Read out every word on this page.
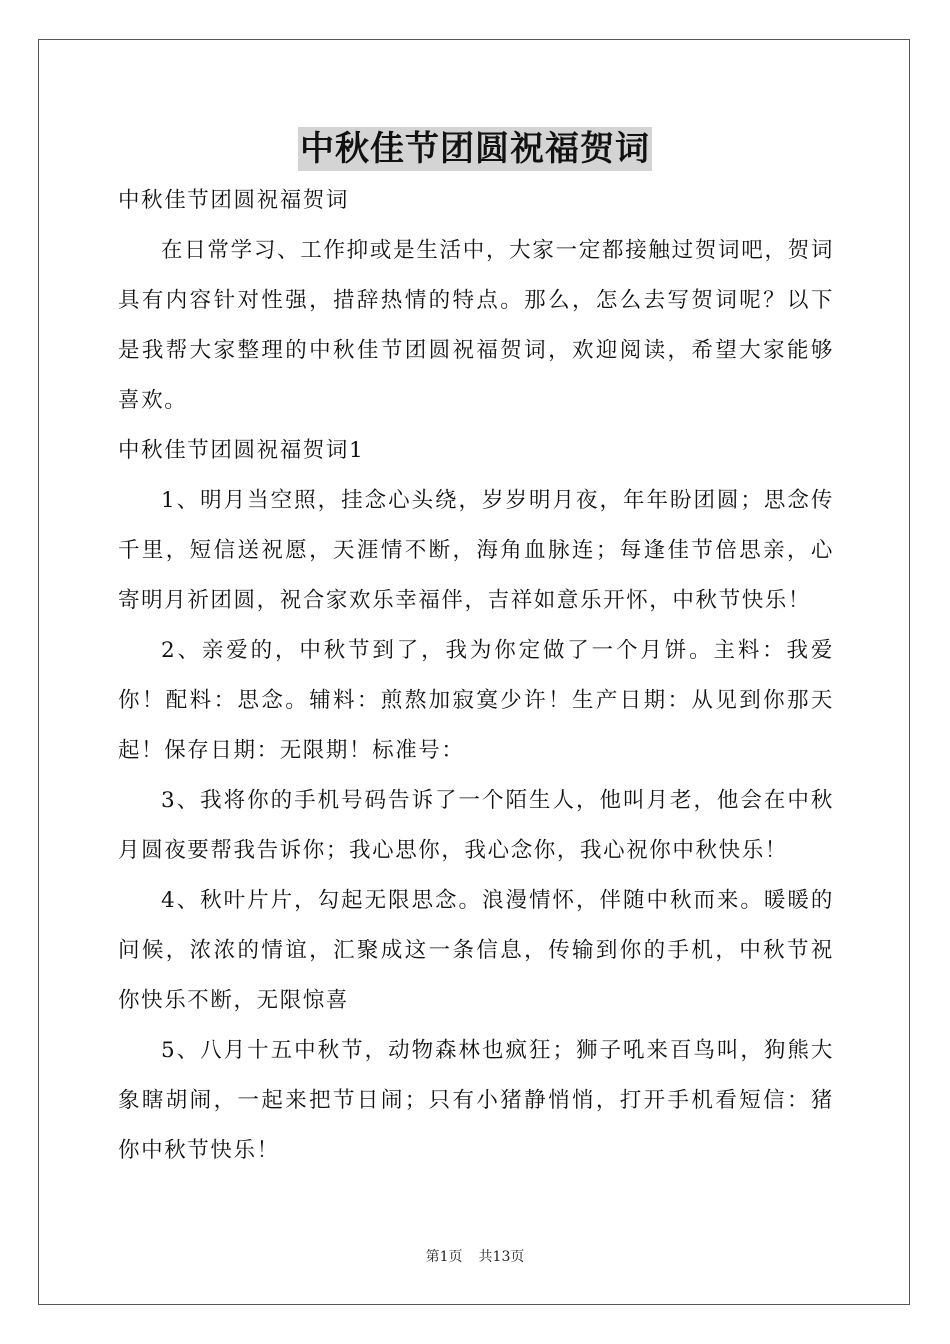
中秋佳节团圆祝福贺词

中秋佳节团圆祝福贺词

在日常学习、工作抑或是生活中，大家一定都接触过贺词吧，贺词具有内容针对性强，措辞热情的特点。那么，怎么去写贺词呢？以下是我帮大家整理的中秋佳节团圆祝福贺词，欢迎阅读，希望大家能够喜欢。

中秋佳节团圆祝福贺词1

1、明月当空照，挂念心头绕，岁岁明月夜，年年盼团圆；思念传千里，短信送祝愿，天涯情不断，海角血脉连；每逢佳节倍思亲，心寄明月祈团圆，祝合家欢乐幸福伴，吉祥如意乐开怀，中秋节快乐！

2、亲爱的，中秋节到了，我为你定做了一个月饼。主料：我爱你！配料：思念。辅料：煎熬加寂寞少许！生产日期：从见到你那天起！保存日期：无限期！标准号：

3、我将你的手机号码告诉了一个陌生人，他叫月老，他会在中秋月圆夜要帮我告诉你；我心思你，我心念你，我心祝你中秋快乐！

4、秋叶片片，勾起无限思念。浪漫情怀，伴随中秋而来。暖暖的问候，浓浓的情谊，汇聚成这一条信息，传输到你的手机，中秋节祝你快乐不断，无限惊喜

5、八月十五中秋节，动物森林也疯狂；狮子吼来百鸟叫，狗熊大象瞎胡闹，一起来把节日闹；只有小猪静悄悄，打开手机看短信：猪你中秋节快乐！

第1页 共13页
